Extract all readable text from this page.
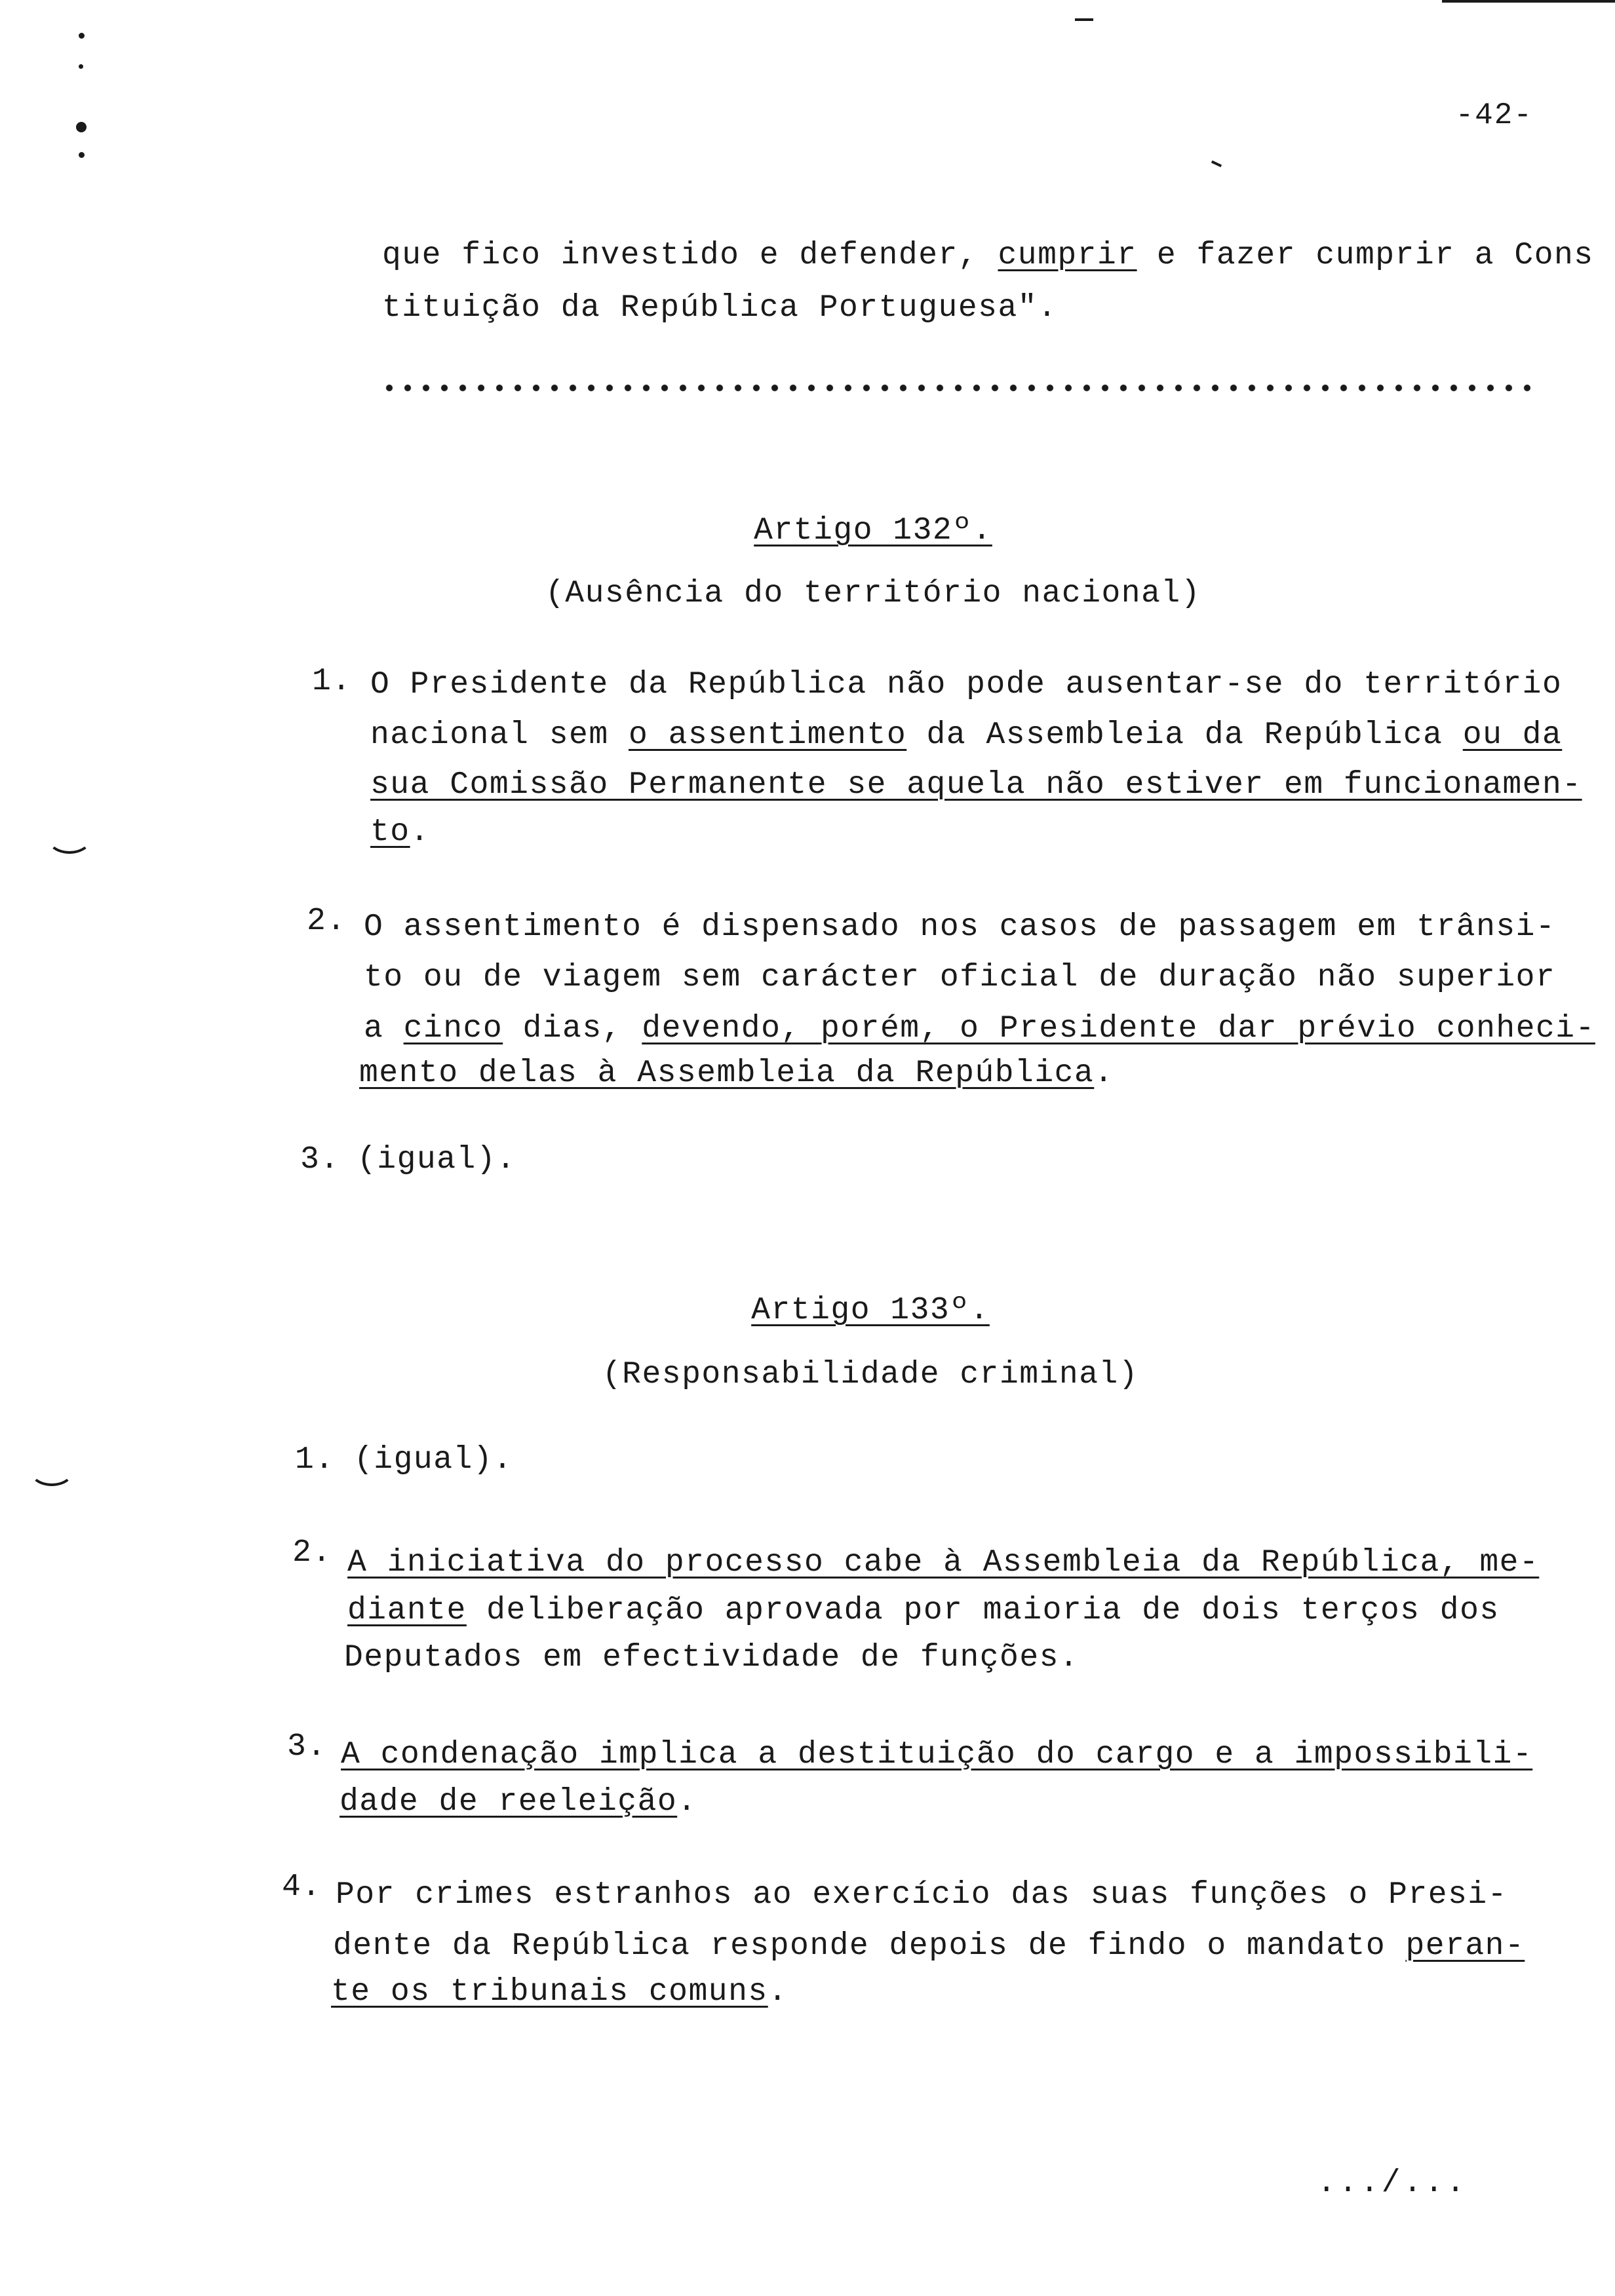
-42-
que fico investido e defender, cumprir e fazer cumprir a Cons
tituição da República Portuguesa".
Artigo 132º.
(Ausência do território nacional)
1. O Presidente da República não pode ausentar-se do território
nacional sem o assentimento da Assembleia da República ou da
sua Comissão Permanente se aquela não estiver em funcionamen-
to.
2. O assentimento é dispensado nos casos de passagem em trânsi-
to ou de viagem sem carácter oficial de duração não superior
a cinco dias, devendo, porém, o Presidente dar prévio conheci-
mento delas à Assembleia da República.
3. (igual).
Artigo 133º.
(Responsabilidade criminal)
1. (igual).
2. A iniciativa do processo cabe à Assembleia da República, me-
diante deliberação aprovada por maioria de dois terços dos
Deputados em efectividade de funções.
3. A condenação implica a destituição do cargo e a impossibili-
dade de reeleição.
4. Por crimes estranhos ao exercício das suas funções o Presi-
dente da República responde depois de findo o mandato peran-
te os tribunais comuns.
.../...
